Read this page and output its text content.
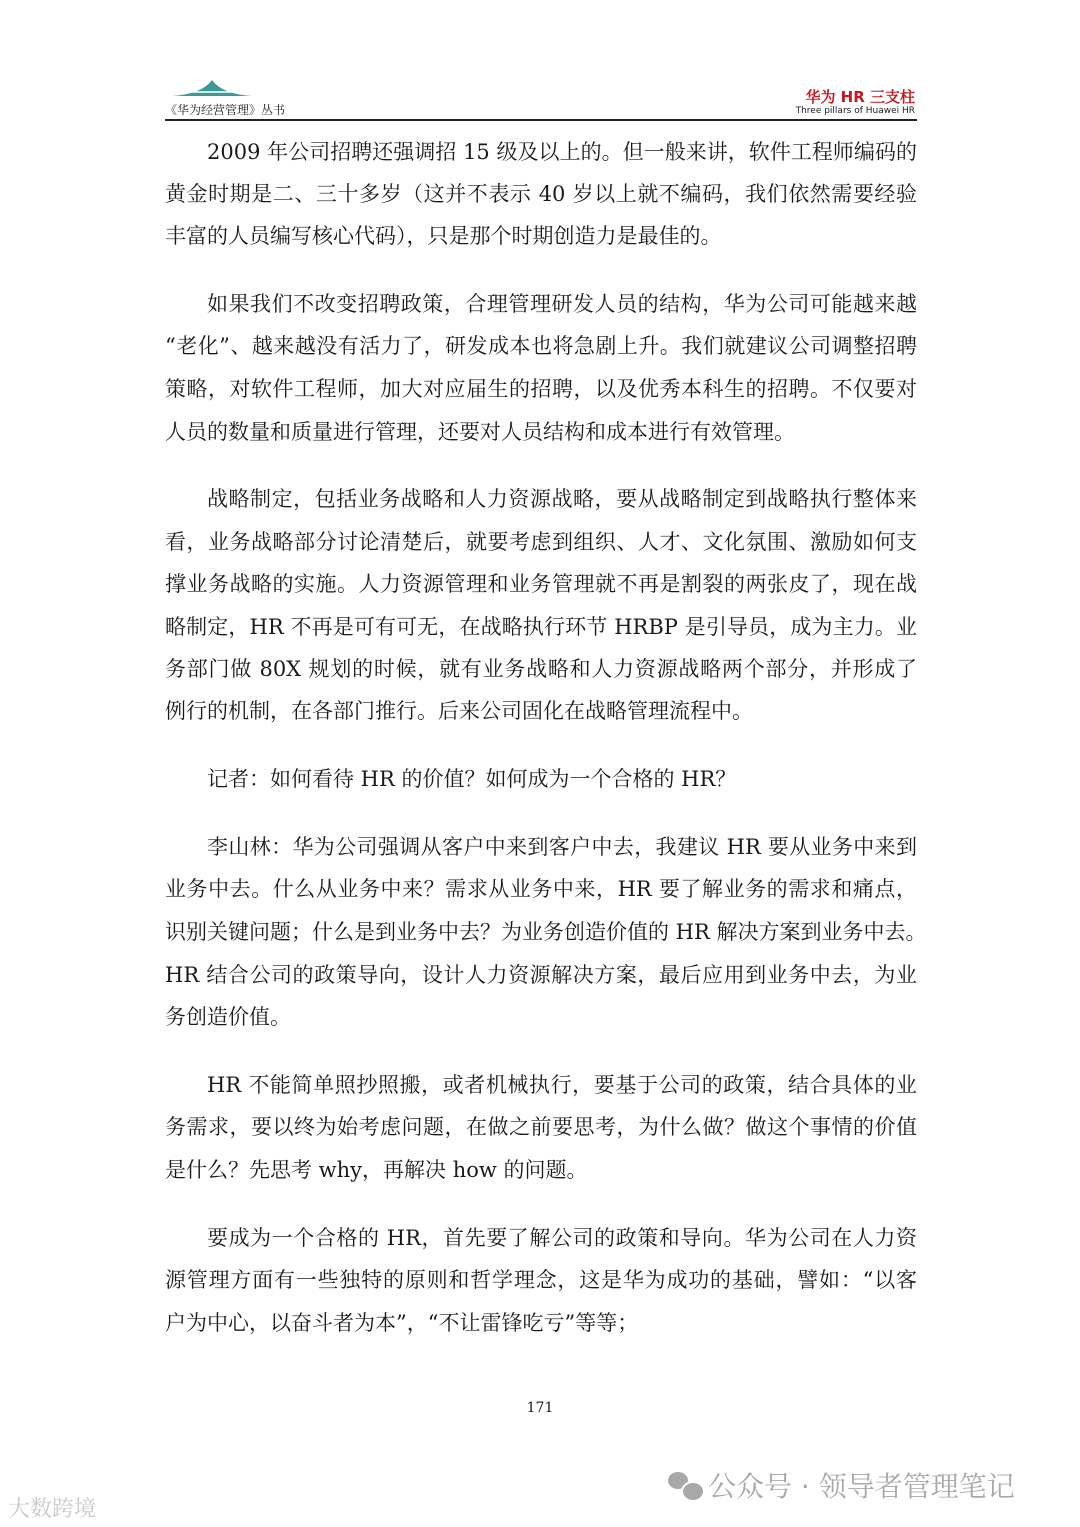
《华为经营管理》丛书
华为 HR 三支柱
Three pillars of Huawei HR
2009 年公司招聘还强调招 15 级及以上的。但一般来讲，软件工程师编码的
黄金时期是二、三十多岁（这并不表示 40 岁以上就不编码，我们依然需要经验
丰富的人员编写核心代码），只是那个时期创造力是最佳的。
如果我们不改变招聘政策，合理管理研发人员的结构，华为公司可能越来越
“老化”、越来越没有活力了，研发成本也将急剧上升。我们就建议公司调整招聘
策略，对软件工程师，加大对应届生的招聘，以及优秀本科生的招聘。不仅要对
人员的数量和质量进行管理，还要对人员结构和成本进行有效管理。
战略制定，包括业务战略和人力资源战略，要从战略制定到战略执行整体来
看，业务战略部分讨论清楚后，就要考虑到组织、人才、文化氛围、激励如何支
撑业务战略的实施。人力资源管理和业务管理就不再是割裂的两张皮了，现在战
略制定，HR 不再是可有可无，在战略执行环节 HRBP 是引导员，成为主力。业
务部门做 80X 规划的时候，就有业务战略和人力资源战略两个部分，并形成了
例行的机制，在各部门推行。后来公司固化在战略管理流程中。
记者：如何看待 HR 的价值？如何成为一个合格的 HR？
李山林：华为公司强调从客户中来到客户中去，我建议 HR 要从业务中来到
业务中去。什么从业务中来？需求从业务中来，HR 要了解业务的需求和痛点，
识别关键问题；什么是到业务中去？为业务创造价值的 HR 解决方案到业务中去。
HR 结合公司的政策导向，设计人力资源解决方案，最后应用到业务中去，为业
务创造价值。
HR 不能简单照抄照搬，或者机械执行，要基于公司的政策，结合具体的业
务需求，要以终为始考虑问题，在做之前要思考，为什么做？做这个事情的价值
是什么？先思考 why，再解决 how 的问题。
要成为一个合格的 HR，首先要了解公司的政策和导向。华为公司在人力资
源管理方面有一些独特的原则和哲学理念，这是华为成功的基础，譬如：“以客
户为中心，以奋斗者为本”，“不让雷锋吃亏”等等；
171
大数跨境
公众号 · 领导者管理笔记
